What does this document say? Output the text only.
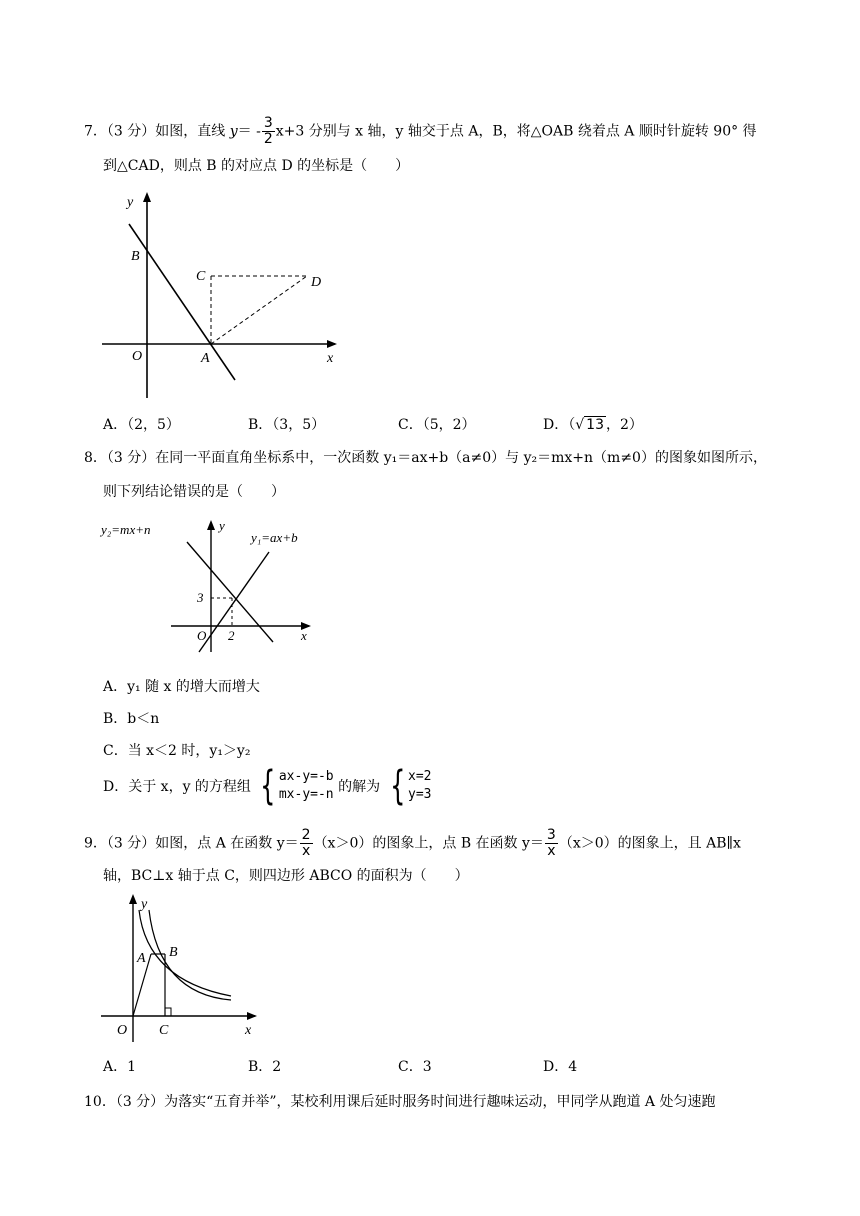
7．（3 分）如图，直线 $y= - \frac{3}{2} x+3$ 分别与 x 轴，y 轴交于点 A，B，将△OAB 绕着点 A 顺时针旋转 90° 得
到△CAD，则点 B 的对应点 D 的坐标是（　　）
y
x
O	A
B
C	D
A．（2，5）	B．（3，5）	C．（5，2）	D．（√ 13 ，2）
8．（3 分）在同一平面直角坐标系中，一次函数 y₁＝ax+b（a≠0）与 y₂＝mx+n（m≠0）的图象如图所示，
则下列结论错误的是（　　）
y₂=mx+n
y₁=ax+b
y
x
O
3
2
A．y₁ 随 x 的增大而增大
B．b＜n
C．当 x＜2 时，y₁＞y₂
D．关于 x，y 的方程组 { ax-y=-b
mx-y=-n 的解为 { x=2
y=3
9．（3 分）如图，点 A 在函数 $y= \frac{2}{x} (x>0)$的图象上，点 B 在函数 $y= \frac{3}{x} (x>0)$的图象上，且 AB∥x
轴，BC⊥x 轴于点 C，则四边形 ABCO 的面积为（　　）
y
x
O
A B
C
A．1	B．2	C．3	D．4
10．（3 分）为落实“五育并举”，某校利用课后延时服务时间进行趣味运动，甲同学从跑道 A 处匀速跑
